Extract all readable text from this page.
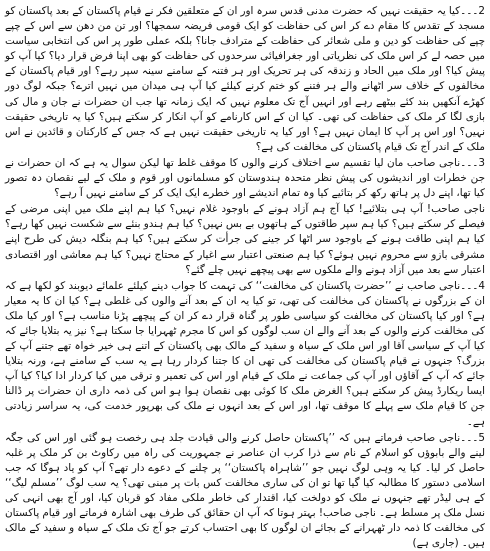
2۔۔۔کیا یہ حقیقت نہیں کہ حضرت مدنی قدس سرہ اور ان کے متعلقین فکر نے قیام پاکستان کے بعد پاکستان کو مسجد کے تقدس کا مقام دے کر اس کی حفاظت کو ایک قومی فریضہ سمجھا؟ اور تن من دھن سے اس کے چپے چپے کی حفاظت کو دین و ملی شعائر کی حفاظت کے مترادف جانا؟ بلکہ عملی طور پر اس کی انتخابی سیاست میں حصہ لے کر اس ملک کی نظریاتی اور جغرافیائی سرحدوں کی حفاظت کو بھی اپنا فرض قرار دیا؟ کیا آپ کو پیش کیا؟ اور ملک میں الحاد و زندقہ کی ہر تحریک اور ہر فتنہ کے سامنے سینہ سپر رہے؟ اور قیام پاکستان کے مخالفوں کے خلاف سر اٹھانے والے ہر فتنے کو ختم کرنے کیلئے کیا آپ ہی میدان میں نہیں اترے؟ جبکہ لوگ دور کھڑے آنکھیں بند کئے بیٹھے رہے اور انہیں آج تک معلوم نہیں کہ ایک زمانہ تھا جب ان حضرات نے جان و مال کی بازی لگا کر ملک کی حفاظت کی تھی۔ کیا ان کے اس کارنامے کو آپ انکار کر سکتے ہیں؟ کیا یہ تاریخی حقیقت نہیں؟ اور اس پر آپ کا ایمان نہیں ہے؟ اور کیا یہ تاریخی حقیقت نہیں ہے کہ جس کے کارکنان و قائدین نے اس ملک کے اندر آج تک قیام پاکستان کی مخالفت کی ہے؟

3۔۔۔ناجی صاحب مان لیا تقسیم سے اختلاف کرنے والوں کا موقف غلط تھا لیکن سوال یہ ہے کہ ان حضرات نے جن خطرات اور اندیشوں کی پیش نظر متحدہ ہندوستان کو مسلمانوں اور قوم و ملک کے لیے نقصان دہ تصور کیا تھا، اپنے دل پر ہاتھ رکھ کر بتائیے کیا وہ تمام اندیشے اور خطرے ایک ایک کر کے سامنے نہیں آ رہے؟

ناجی صاحب! آپ ہی بتلائیے! کیا آج ہم آزاد ہونے کے باوجود غلام نہیں؟ کیا ہم اپنے ملک میں اپنی مرضی کے فیصلے کر سکتے ہیں؟ کیا ہم سپر طاقتوں کے ہاتھوں بے بس نہیں؟ کیا ہم ہندو بنئے سے شکست نہیں کھا رہے؟ کیا ہم اپنی طاقت ہونے کے باوجود سر اٹھا کر جینے کی جرأت کر سکتے ہیں؟ کیا ہم بنگلہ دیش کی طرح اپنے مشرقی بازو سے محروم نہیں ہوئے؟ کیا ہم صنعتی اعتبار سے اغیار کے محتاج نہیں؟ کیا ہم معاشی اور اقتصادی اعتبار سے بعد میں آزاد ہونے والے ملکوں سے بھی پیچھے نہیں چلے گئے؟

4۔۔۔ناجی صاحب نے ’’حضرت پاکستان کی مخالفت‘‘ کی تہمت کا جواب دینے کیلئے علمائے دیوبند کو لکھا ہے کہ ان کے بزرگوں نے پاکستان کی مخالفت کی تھی، تو کیا یہ ان کے بعد آنے والوں کی غلطی ہے؟ کیا ان کا یہ معیار ہے؟ اور کیا پاکستان کی مخالفت کو سیاسی طور پر گناہ قرار دے کر ان کے پیچھے پڑنا مناسب ہے؟ اور کیا ملک کی مخالفت کرنے والوں کے بعد آنے والے ان سب لوگوں کو اس کا مجرم ٹھہرایا جا سکتا ہے؟ نیز یہ بتلایا جائے کہ کیا آپ کے سیاسی آقا اور اس ملک کے سیاہ و سفید کے مالک بھی پاکستان کے اتنے ہی خیر خواہ تھے جتنے آپ کے بزرگ؟ جنہوں نے قیام پاکستان کی مخالفت کی تھی ان کا جتنا کردار رہا ہے یہ سب کے سامنے ہے، ورنہ بتلایا جائے کہ آپ کے آقاؤں اور آپ کی جماعت نے ملک کے قیام اور اس کی تعمیر و ترقی میں کیا کردار ادا کیا؟ کیا آپ ایسا ریکارڈ پیش کر سکتے ہیں؟ الغرض ملک کا کوئی بھی نقصان ہوا ہو اس کی ذمہ داری ان حضرات پر ڈالنا جن کا قیام ملک سے پہلے کا موقف تھا، اور اس کے بعد انہوں نے ملک کی بھرپور خدمت کی، یہ سراسر زیادتی ہے۔

5۔۔۔ناجی صاحب فرماتے ہیں کہ ’’پاکستان حاصل کرنے والی قیادت جلد ہی رخصت ہو گئی اور اس کی جگہ لینے والے بابوؤں کو اسلام کے نام سے ذرا کرب ان عناصر نے جمہوریت کی راہ میں رکاوٹ بن کر ملک پر غلبہ حاصل کر لیا۔ کیا یہ وہی لوگ نہیں جو ’’شاہراہ پاکستان‘‘ پر چلنے کے دعوے دار تھے؟ آپ کو یاد ہوگا کہ جب اسلامی دستور کا مطالبہ کیا گیا تھا تو ان کی ساری مخالفت کس بات پر مبنی تھی؟ یہ سب لوگ ’’مسلم لیگ‘‘ کے ہی لیڈر تھے جنہوں نے ملک کو دولخت کیا، اقتدار کی خاطر ملکی مفاد کو قربان کیا، اور آج بھی انہی کی نسل ملک پر مسلط ہے۔ ناجی صاحب! بہتر ہوتا کہ آپ ان حقائق کی طرف بھی اشارہ فرماتے اور قیام پاکستان کی مخالفت کا ذمہ دار ٹھہرانے کے بجائے ان لوگوں کا بھی احتساب کرتے جو آج تک ملک کے سیاہ و سفید کے مالک ہیں۔ (جاری ہے)
